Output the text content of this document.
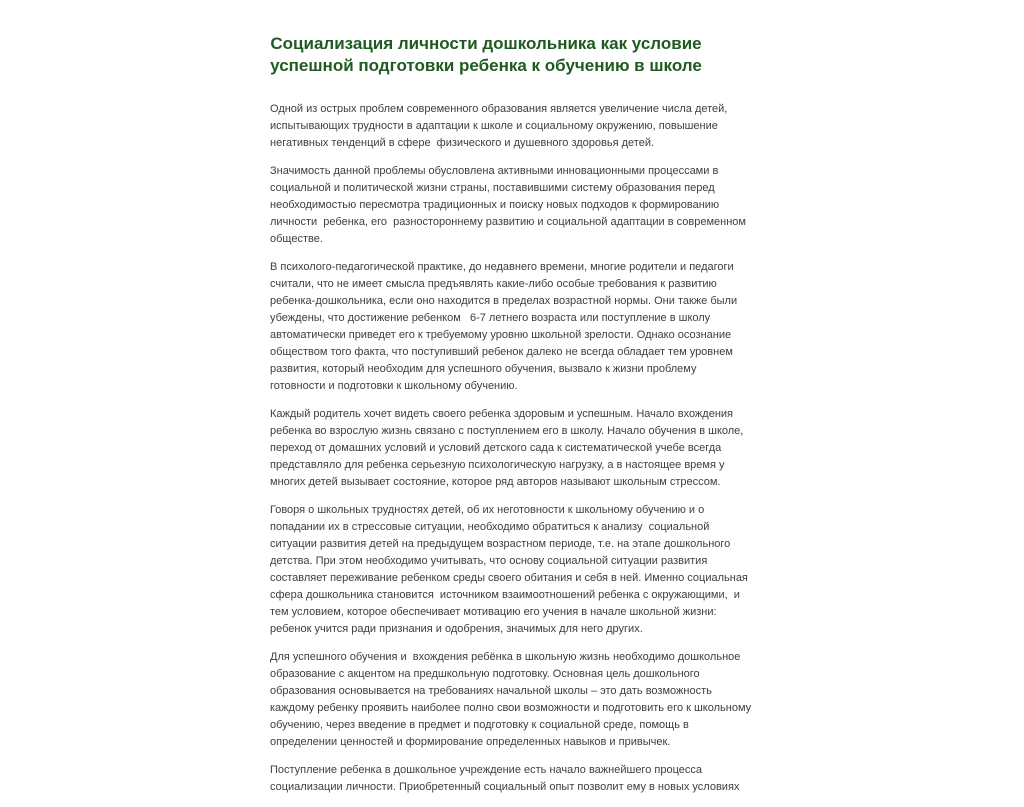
Социализация личности дошкольника как условие успешной подготовки ребенка к обучению в школе

Одной из острых проблем современного образования является увеличение числа детей, испытывающих трудности в адаптации к школе и социальному окружению, повышение негативных тенденций в сфере  физического и душевного здоровья детей.

Значимость данной проблемы обусловлена активными инновационными процессами в социальной и политической жизни страны, поставившими систему образования перед необходимостью пересмотра традиционных и поиску новых подходов к формированию личности  ребенка, его  разностороннему развитию и социальной адаптации в современном обществе.

В психолого-педагогической практике, до недавнего времени, многие родители и педагоги считали, что не имеет смысла предъявлять какие-либо особые требования к развитию ребенка-дошкольника, если оно находится в пределах возрастной нормы. Они также были убеждены, что достижение ребенком   6-7 летнего возраста или поступление в школу автоматически приведет его к требуемому уровню школьной зрелости. Однако осознание обществом того факта, что поступивший ребенок далеко не всегда обладает тем уровнем развития, который необходим для успешного обучения, вызвало к жизни проблему готовности и подготовки к школьному обучению.

Каждый родитель хочет видеть своего ребенка здоровым и успешным. Начало вхождения ребенка во взрослую жизнь связано с поступлением его в школу. Начало обучения в школе, переход от домашних условий и условий детского сада к систематической учебе всегда представляло для ребенка серьезную психологическую нагрузку, а в настоящее время у многих детей вызывает состояние, которое ряд авторов называют школьным стрессом.

Говоря о школьных трудностях детей, об их неготовности к школьному обучению и о попадании их в стрессовые ситуации, необходимо обратиться к анализу  социальной ситуации развития детей на предыдущем возрастном периоде, т.е. на этапе дошкольного детства. При этом необходимо учитывать, что основу социальной ситуации развития составляет переживание ребенком среды своего обитания и себя в ней. Именно социальная сфера дошкольника становится  источником взаимоотношений ребенка с окружающими,  и тем условием, которое обеспечивает мотивацию его учения в начале школьной жизни: ребенок учится ради признания и одобрения, значимых для него других.

Для успешного обучения и  вхождения ребёнка в школьную жизнь необходимо дошкольное образование с акцентом на предшкольную подготовку. Основная цель дошкольного образования основывается на требованиях начальной школы – это дать возможность каждому ребенку проявить наиболее полно свои возможности и подготовить его к школьному обучению, через введение в предмет и подготовку к социальной среде, помощь в определении ценностей и формирование определенных навыков и привычек.

Поступление ребенка в дошкольное учреждение есть начало важнейшего процесса социализации личности. Приобретенный социальный опыт позволит ему в новых условиях
